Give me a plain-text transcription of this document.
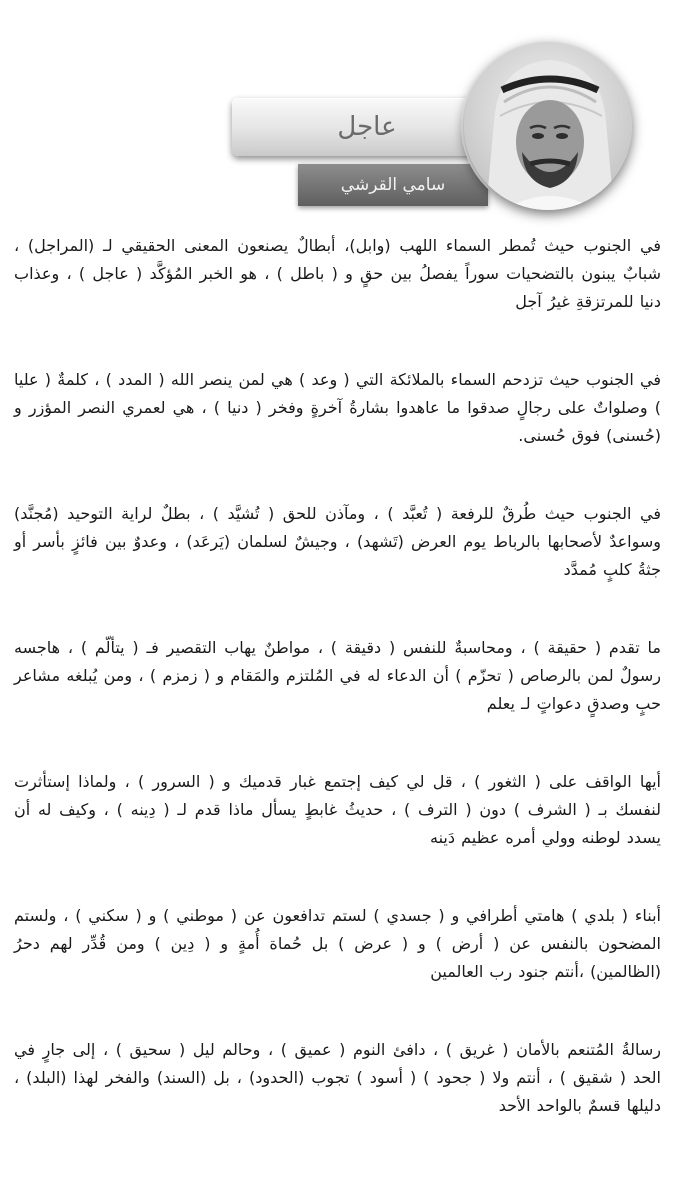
عاجل
سامي القرشي

في الجنوب حيث تُمطر السماء اللهب (وابل)، أبطالٌ يصنعون المعنى الحقيقي لـ (المراجل) ، شبابٌ يبنون بالتضحيات سوراً يفصلُ بين حقٍ و ( باطل ) ، هو الخبر المُؤكَّد ( عاجل ) ، وعذاب دنيا للمرتزقةِ غيرُ آجل

في الجنوب حيث تزدحم السماء بالملائكة التي ( وعد ) هي لمن ينصر الله ( المدد ) ، كلمةٌ ( عليا ) وصلواتٌ على رجالٍ صدقوا ما عاهدوا بشارةُ آخرةٍ وفخر ( دنيا ) ، هي لعمري النصر المؤزر و (حُسنى) فوق حُسنى.

في الجنوب حيث طُرقٌ للرفعة ( تُعبَّد ) ، ومآذن للحق ( تُشيَّد ) ، بطلٌ لراية التوحيد (مُجنَّد) وسواعدٌ لأصحابها بالرباط يوم العرض (تَشهد) ، وجيشٌ لسلمان (يَرعَد) ، وعدوٌ بين فائزٍ بأسر أو جثةُ كلبٍ مُمدَّد

ما تقدم ( حقيقة ) ، ومحاسبةٌ للنفس ( دقيقة ) ، مواطنٌ يهاب التقصير فـ ( يتألّم ) ، هاجسه رسولٌ لمن بالرصاص ( تحزّم ) أن الدعاء له في المُلتزم والمَقام و ( زمزم ) ، ومن يُبلغه مشاعر حبٍ وصدقٍ دعواتٍ لـ يعلم

أيها الواقف على ( الثغور ) ، قل لي كيف إجتمع غبار قدميك و ( السرور ) ، ولماذا إستأثرت لنفسك بـ ( الشرف ) دون ( الترف ) ، حديثُ غابطٍ يسأل ماذا قدم لـ ( دِينه ) ، وكيف له أن يسدد لوطنه وولي أمره عظيم دَينه

أبناء ( بلدي ) هامتي أطرافي و ( جسدي ) لستم تدافعون عن ( موطني ) و ( سكني ) ، ولستم المضحون بالنفس عن ( أرض ) و ( عرض ) بل حُماة أُمةٍ و ( دِين ) ومن قُدِّر لهم دحرُ (الظالمين) ،أنتم جنود رب العالمين

رسالةُ المُتنعم بالأمان ( غريق ) ، دافئ النوم ( عميق ) ، وحالم ليل ( سحيق ) ، إلى جارٍ في الحد ( شقيق ) ، أنتم ولا ( جحود ) ( أسود ) تجوب (الحدود) ، بل (السند) والفخر لهذا (البلد) ، دليلها قسمٌ بالواحد الأحد
